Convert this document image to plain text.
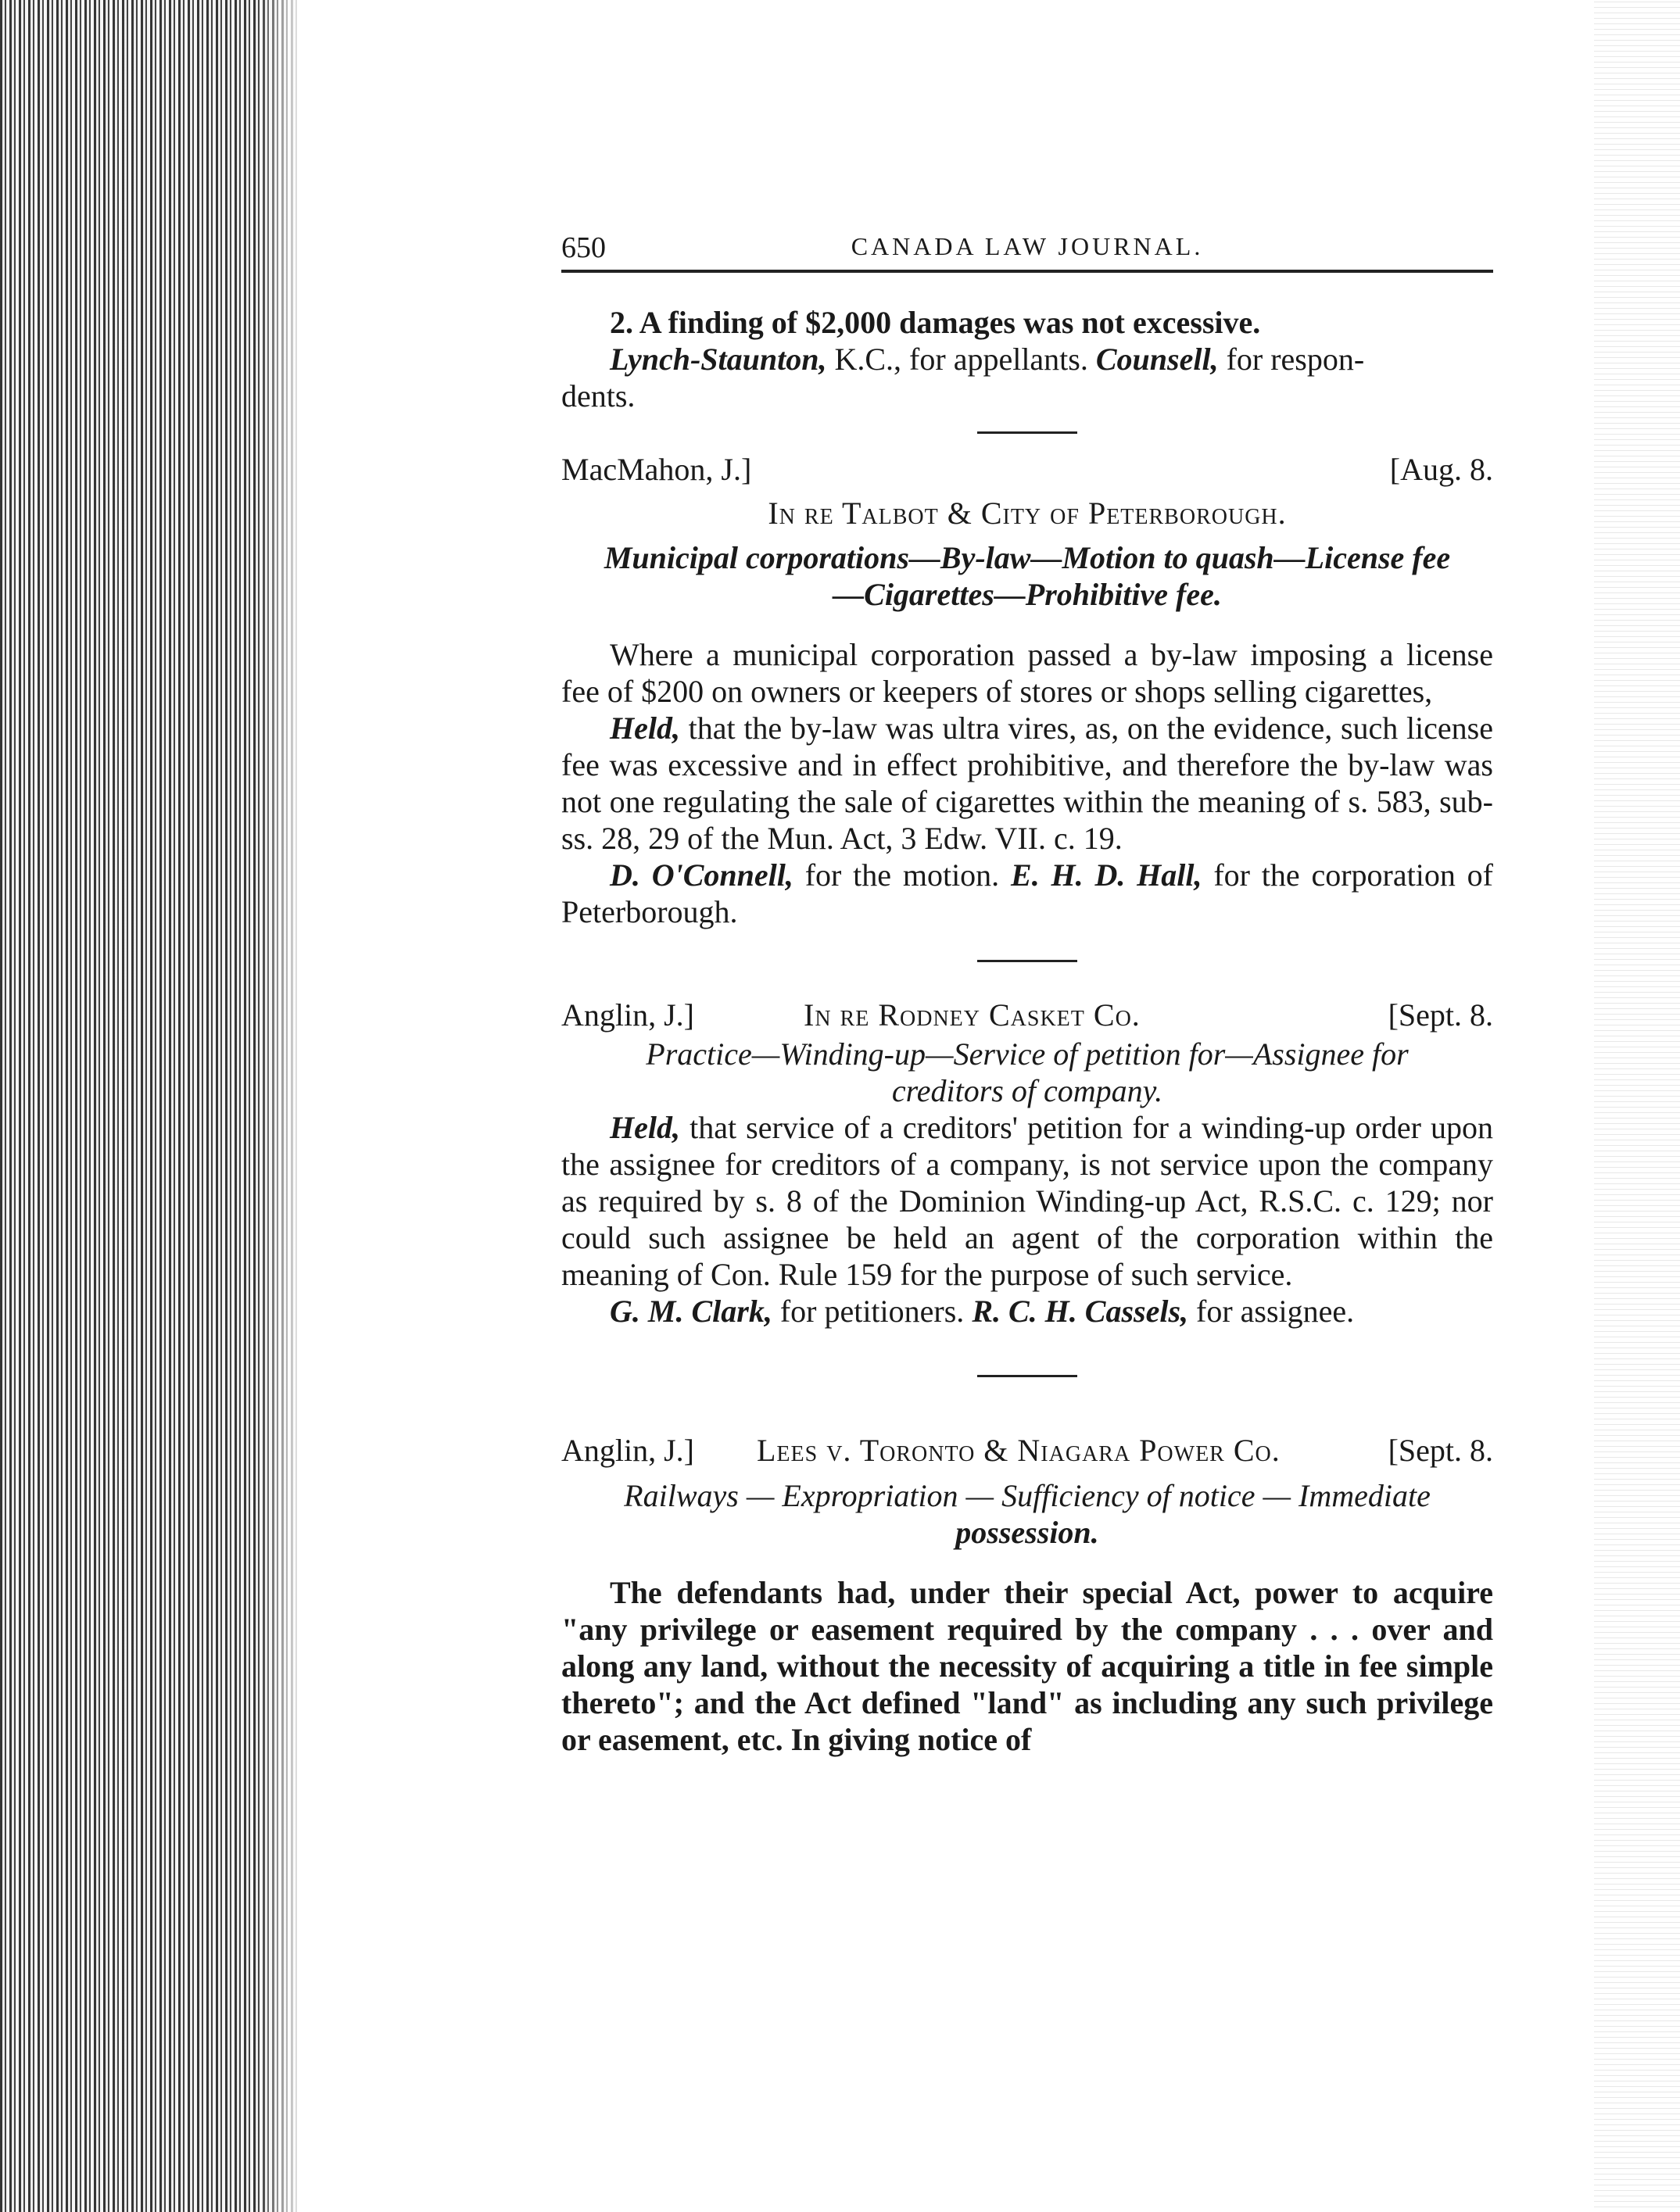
650	CANADA LAW JOURNAL.

2. A finding of $2,000 damages was not excessive.

Lynch-Staunton, K.C., for appellants. Counsell, for respon-

dents.

MacMahon, J.]	[Aug. 8.

In re Talbot & City of Peterborough.

Municipal corporations—By-law—Motion to quash—License fee

—Cigarettes—Prohibitive fee.

Where a municipal corporation passed a by-law imposing a license fee of $200 on owners or keepers of stores or shops selling cigarettes,

Held, that the by-law was ultra vires, as, on the evidence, such license fee was excessive and in effect prohibitive, and therefore the by-law was not one regulating the sale of cigarettes within the meaning of s. 583, sub-ss. 28, 29 of the Mun. Act, 3 Edw. VII. c. 19.

D. O'Connell, for the motion. E. H. D. Hall, for the corporation of Peterborough.

Anglin, J.]	In re Rodney Casket Co.	[Sept. 8.

Practice—Winding-up—Service of petition for—Assignee for

creditors of company.

Held, that service of a creditors' petition for a winding-up order upon the assignee for creditors of a company, is not service upon the company as required by s. 8 of the Dominion Winding-up Act, R.S.C. c. 129; nor could such assignee be held an agent of the corporation within the meaning of Con. Rule 159 for the purpose of such service.

G. M. Clark, for petitioners. R. C. H. Cassels, for assignee.

Anglin, J.] Lees v. Toronto & Niagara Power Co.	[Sept. 8.

Railways — Expropriation — Sufficiency of notice — Immediate

possession.

The defendants had, under their special Act, power to acquire "any privilege or easement required by the company . . . over and along any land, without the necessity of acquiring a title in fee simple thereto"; and the Act defined "land" as including any such privilege or easement, etc. In giving notice of
